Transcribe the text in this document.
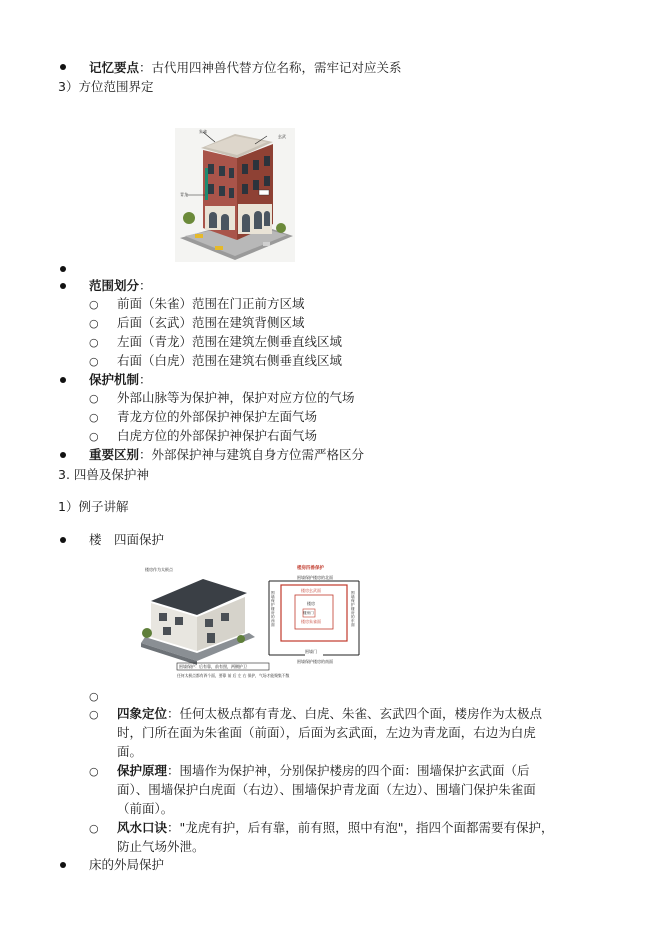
记忆要点：古代用四神兽代替方位名称，需牢记对应关系
3）方位范围界定
朱雀
玄武
青龙
范围划分：
○ 前面（朱雀）范围在门正前方区域
○ 后面（玄武）范围在建筑背侧区域
○ 左面（青龙）范围在建筑左侧垂直线区域
○ 右面（白虎）范围在建筑右侧垂直线区域
保护机制：
○ 外部山脉等为保护神，保护对应方位的气场
○ 青龙方位的外部保护神保护左面气场
○ 白虎方位的外部保护神保护右面气场
重要区别：外部保护神与建筑自身方位需严格区分
3. 四兽及保护神
1）例子讲解
楼　四面保护
楼房作为太极点	楼房四兽保护
围墙保护楼房的北面
围墙保护楼房的西面
围墙保护楼房的东面
楼房玄武面
楼房
楼房门
楼房朱雀面
围墙门
围墙保护楼房的南面
围墙保护：后有靠，前有照，两侧护卫
任何太极点都有四个面，要靠 前 后 左 右 保护，气场才能聚集不散
○
○ 四象定位：任何太极点都有青龙、白虎、朱雀、玄武四个面，楼房作为太极点
时，门所在面为朱雀面（前面），后面为玄武面，左边为青龙面，右边为白虎
面。
○ 保护原理：围墙作为保护神，分别保护楼房的四个面：围墙保护玄武面（后
面）、围墙保护白虎面（右边）、围墙保护青龙面（左边）、围墙门保护朱雀面
（前面）。
○ 风水口诀："龙虎有护，后有靠，前有照，照中有泡"，指四个面都需要有保护，
防止气场外泄。
床的外局保护
